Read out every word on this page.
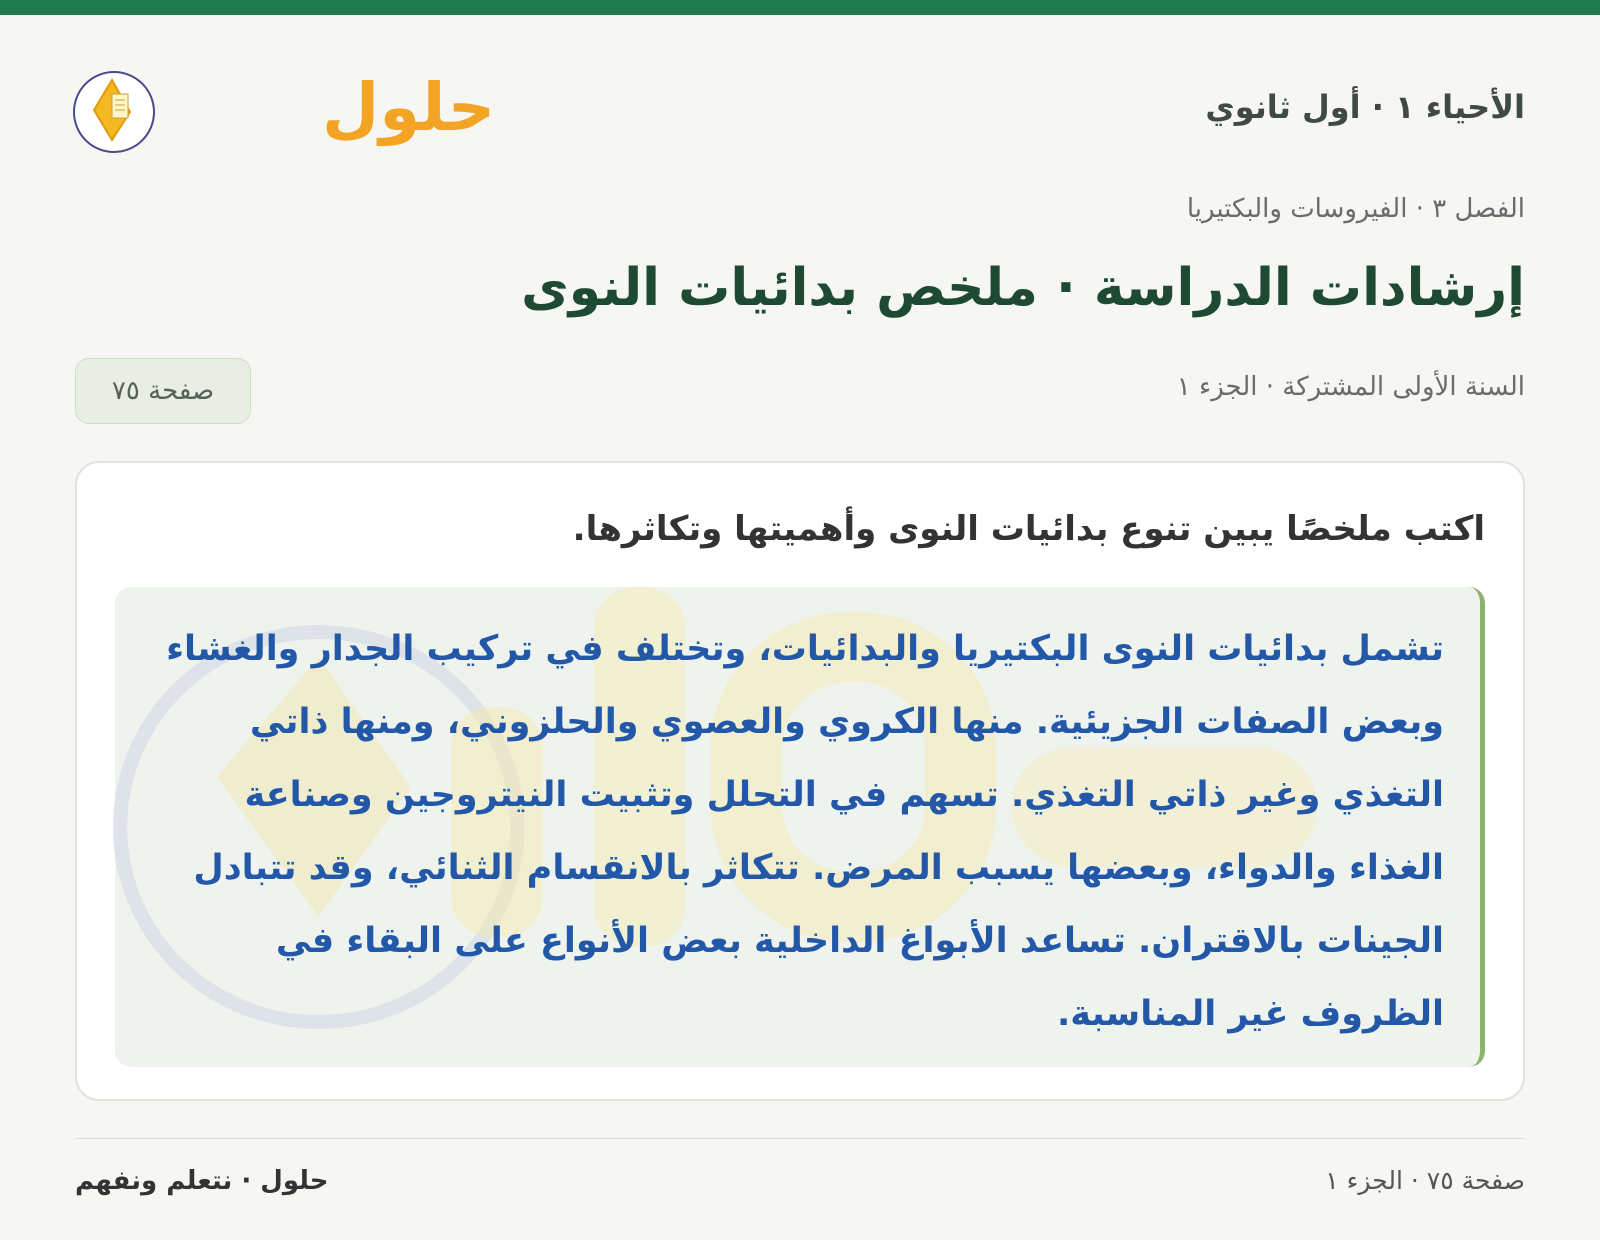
الأحياء ١ · أول ثانوي
حلول
الفصل ٣ · الفيروسات والبكتيريا
إرشادات الدراسة · ملخص بدائيات النوى
السنة الأولى المشتركة · الجزء ١
صفحة ٧٥
اكتب ملخصًا يبين تنوع بدائيات النوى وأهميتها وتكاثرها.
تشمل بدائيات النوى البكتيريا والبدائيات، وتختلف في تركيب الجدار والغشاء وبعض الصفات الجزيئية. منها الكروي والعصوي والحلزوني، ومنها ذاتي التغذي وغير ذاتي التغذي. تسهم في التحلل وتثبيت النيتروجين وصناعة الغذاء والدواء، وبعضها يسبب المرض. تتكاثر بالانقسام الثنائي، وقد تتبادل الجينات بالاقتران. تساعد الأبواغ الداخلية بعض الأنواع على البقاء في الظروف غير المناسبة.
حلول · نتعلم ونفهم	صفحة ٧٥ · الجزء ١
